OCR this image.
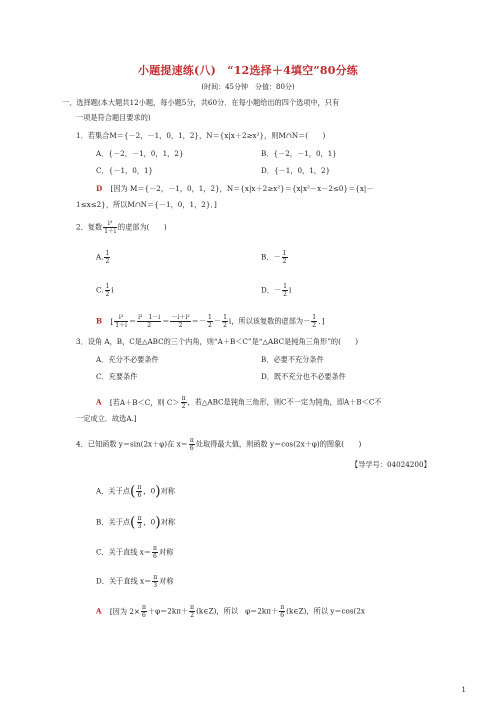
小题提速练(八)　“12选择＋4填空”80分练
(时间：45分钟　分值：80分)
一、选择题(本大题共12小题，每小题5分，共60分．在每小题给出的四个选项中，只有
一项是符合题目要求的)
1．若集合M＝{－2，－1，0，1，2}，N＝{x|x＋2≥x²}，则M∩N＝(　　)
A．{－2，－1，0，1，2}	B．{－2，－1，0，1}
C．{－1，0，1}	D．{－1，0，1，2}
D [因为 M＝{－2，－1，0，1，2}，N＝{x|x＋2≥x²}＝{x|x²－x－2≤0}＝{x|－
1≤x≤2}，所以M∩N＝{－1，0，1，2}．]
2．复数 $\frac{\text{i³}}{1+i}$ 的虚部为(　　)
A. $\frac{1}{2}$	B．－ $\frac{1}{2}$
C. $\frac{1}{2}$ i	D．－ $\frac{1}{2}$ i
B [ $\frac{\text{i³}}{1+i} = \frac{\text{i³　1－i}}{2} = \frac{\text{－i＋i²}}{2} =- \frac{1}{2} - \frac{1}{2}$ i，所以该复数的虚部为－ $\frac{1}{2}$ ．]
3．设角 A，B，C是△ABC的三个内角，则“A＋B＜C”是“△ABC是钝角三角形”的(　　)
A．充分不必要条件	B．必要不充分条件
C．充要条件	D．既不充分也不必要条件
A [若A＋B＜C，则 $C> \frac{\pi}{2}$ ，若△ABC是钝角三角形，则C不一定为钝角，即A＋B＜C不
一定成立．故选A.]
4．已知函数 y＝sin(2x＋φ)在 $x= \frac{\pi}{6}$ 处取得最大值，则函数 y＝cos(2x＋φ)的图象(　　)
【导学号：04024200】
A．关于点( $\frac{\pi}{6}$ ，0)对称
B．关于点( $\frac{\pi}{3}$ ，0)对称
C．关于直线 $x= \frac{\pi}{6}$ 对称
D．关于直线 $x= \frac{\pi}{3}$ 对称
A [因为 $2\times \frac{\pi}{6} +\varphi=2k\pi+ \frac{\pi}{2}$ (k∈Z)，所以　$\varphi=2k\pi+ \frac{\pi}{6}$ (k∈Z)，所以 y＝cos(2x
1
